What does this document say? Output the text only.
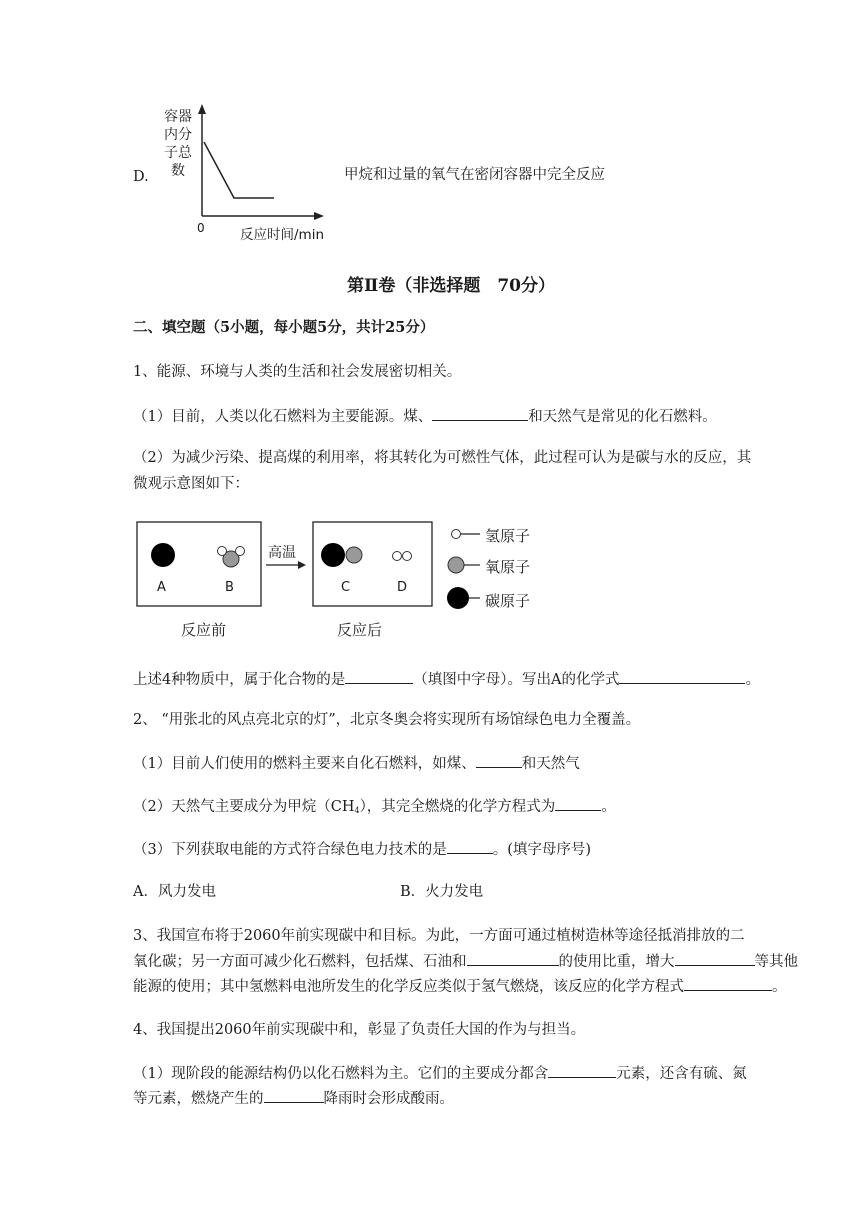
D.
容器
内分
子总
数
0	反应时间/min
甲烷和过量的氧气在密闭容器中完全反应
第Ⅱ卷（非选择题　70分）
二、填空题（5小题，每小题5分，共计25分）
1、能源、环境与人类的生活和社会发展密切相关。
（1）目前，人类以化石燃料为主要能源。煤、	和天然气是常见的化石燃料。
（2）为减少污染、提高煤的利用率，将其转化为可燃性气体，此过程可认为是碳与水的反应，其
微观示意图如下：
A	B
高温
C	D
氢原子
氧原子
碳原子
反应前	反应后
上述4种物质中，属于化合物的是	（填图中字母）。写出A的化学式	。
2、 “用张北的风点亮北京的灯”，北京冬奥会将实现所有场馆绿色电力全覆盖。
（1）目前人们使用的燃料主要来自化石燃料，如煤、	和天然气
（2）天然气主要成分为甲烷$(CH_4)$，其完全燃烧的化学方程式为	。
（3）下列获取电能的方式符合绿色电力技术的是	。(填字母序号)
A．风力发电	B．火力发电
3、我国宣布将于2060年前实现碳中和目标。为此，一方面可通过植树造林等途径抵消排放的二
氧化碳；另一方面可减少化石燃料，包括煤、石油和	的使用比重，增大	等其他
能源的使用；其中氢燃料电池所发生的化学反应类似于氢气燃烧，该反应的化学方程式	。
4、我国提出2060年前实现碳中和，彰显了负责任大国的作为与担当。
（1）现阶段的能源结构仍以化石燃料为主。它们的主要成分都含	元素，还含有硫、氮
等元素，燃烧产生的	降雨时会形成酸雨。
